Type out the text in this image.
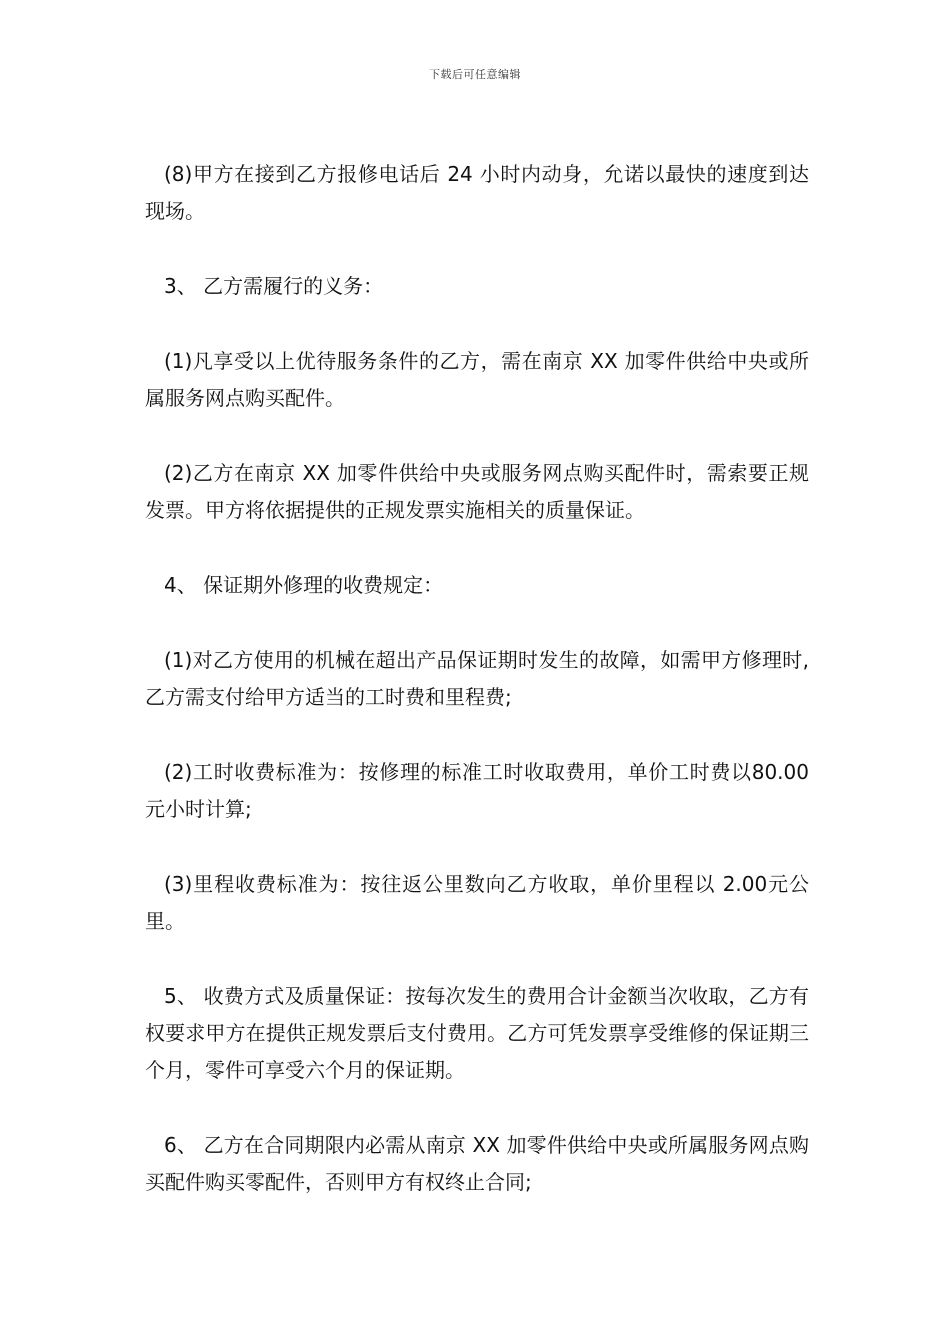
下载后可任意编辑

(8)甲方在接到乙方报修电话后 24 小时内动身，允诺以最快的速度到达现场。

3、 乙方需履行的义务：

(1)凡享受以上优待服务条件的乙方，需在南京 XX 加零件供给中央或所属服务网点购买配件。

(2)乙方在南京 XX 加零件供给中央或服务网点购买配件时，需索要正规发票。甲方将依据提供的正规发票实施相关的质量保证。

4、 保证期外修理的收费规定：

(1)对乙方使用的机械在超出产品保证期时发生的故障，如需甲方修理时,乙方需支付给甲方适当的工时费和里程费;

(2)工时收费标准为：按修理的标准工时收取费用，单价工时费以80.00 元小时计算;

(3)里程收费标准为：按往返公里数向乙方收取，单价里程以 2.00元公里。

5、 收费方式及质量保证：按每次发生的费用合计金额当次收取，乙方有权要求甲方在提供正规发票后支付费用。乙方可凭发票享受维修的保证期三个月，零件可享受六个月的保证期。

6、 乙方在合同期限内必需从南京 XX 加零件供给中央或所属服务网点购买配件购买零配件，否则甲方有权终止合同;
